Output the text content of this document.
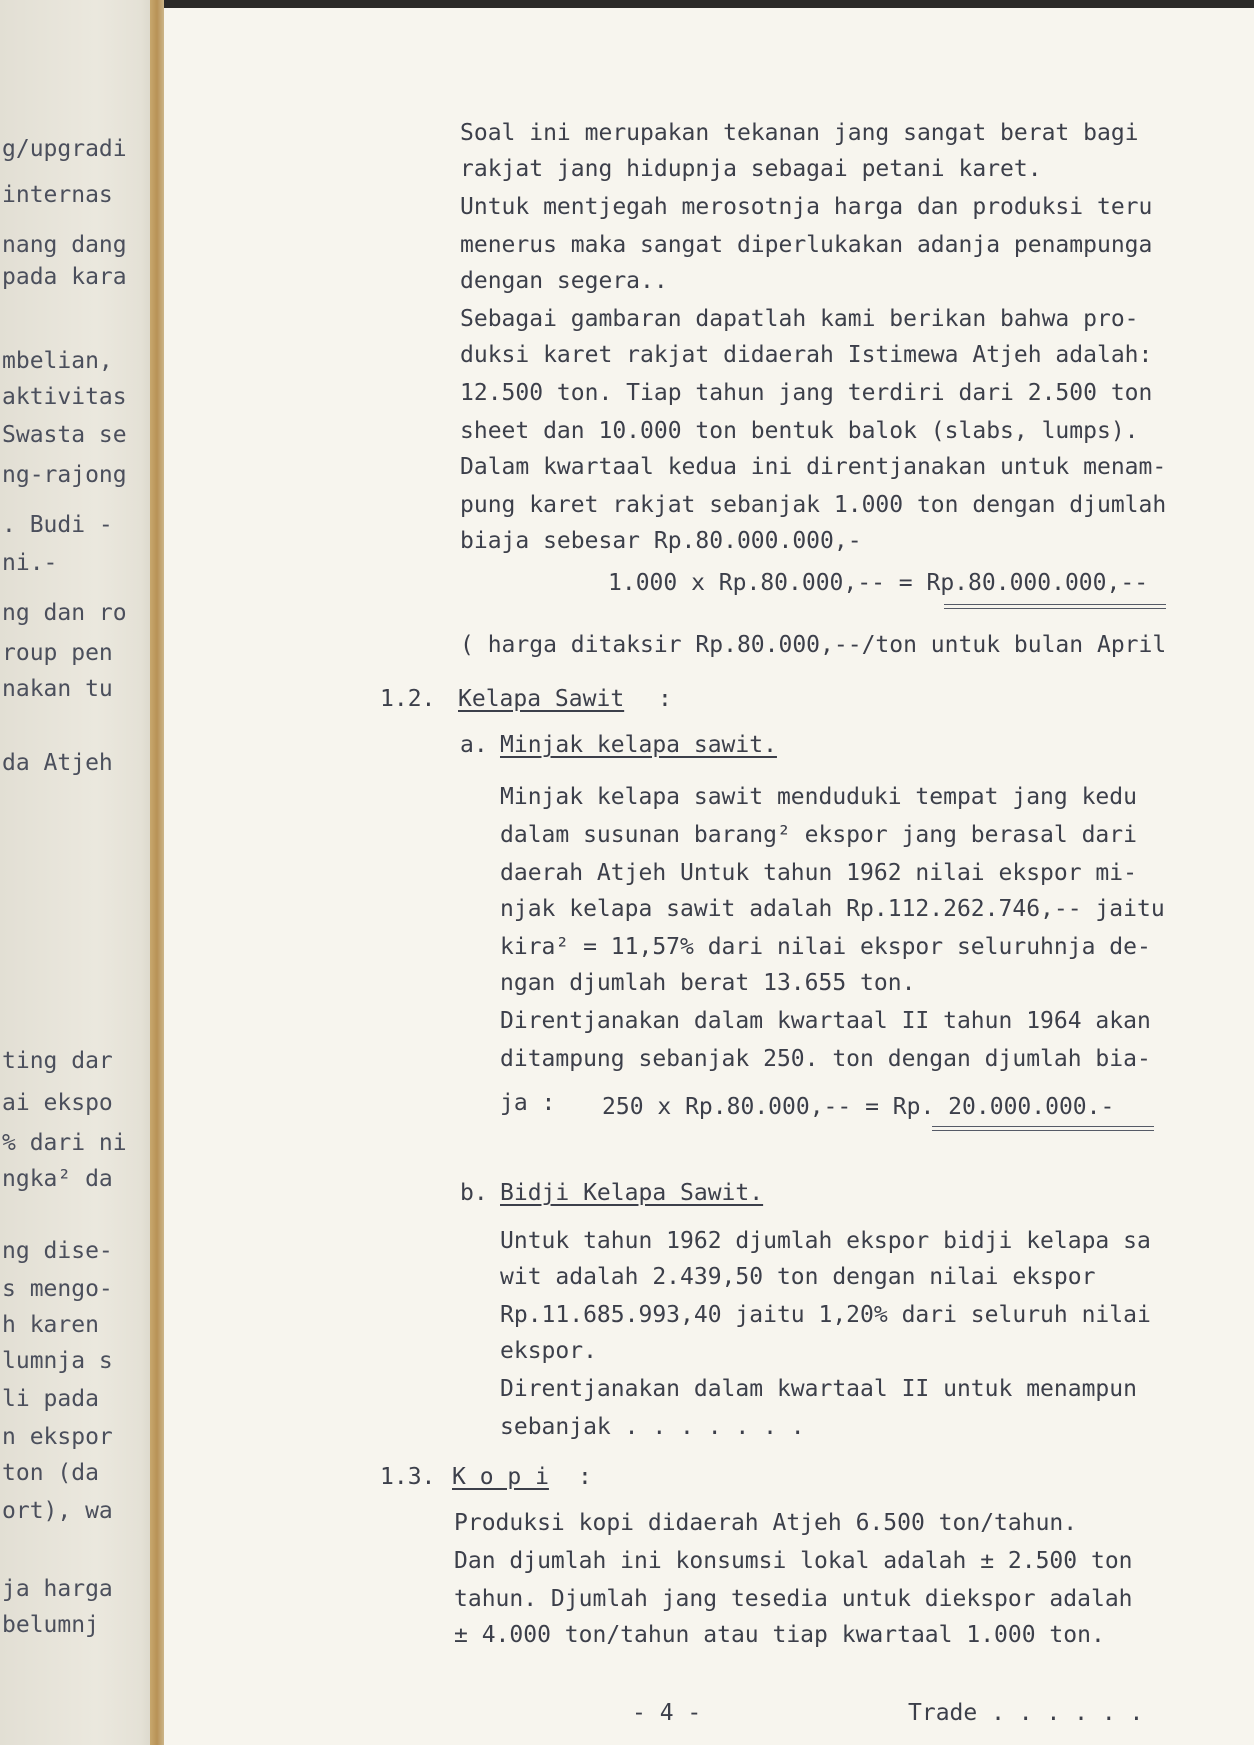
g/upgradi
internas
nang dang
pada kara
mbelian,
aktivitas
Swasta se
ng-rajong
. Budi -
ni.-
ng dan ro
roup pen
nakan tu
da Atjeh
ting dar
ai ekspo
% dari ni
ngka² da
ng dise-
s mengo-
h karen
lumnja s
li pada
n ekspor
ton (da
ort), wa
ja harga
belumnj
Soal ini merupakan tekanan jang sangat berat bagi
rakjat jang hidupnja sebagai petani karet.
Untuk mentjegah merosotnja harga dan produksi teru
menerus maka sangat diperlukakan adanja penampunga
dengan segera..
Sebagai gambaran dapatlah kami berikan bahwa pro-
duksi karet rakjat didaerah Istimewa Atjeh adalah:
12.500 ton. Tiap tahun jang terdiri dari 2.500 ton
sheet dan 10.000 ton bentuk balok (slabs, lumps).
Dalam kwartaal kedua ini direntjanakan untuk menam-
pung karet rakjat sebanjak 1.000 ton dengan djumlah
biaja sebesar Rp.80.000.000,-
1.000 x Rp.80.000,-- = Rp.80.000.000,--
( harga ditaksir Rp.80.000,--/ton untuk bulan April
1.2. Kelapa Sawit :
a. Minjak kelapa sawit.
Minjak kelapa sawit menduduki tempat jang kedu
dalam susunan barang² ekspor jang berasal dari
daerah Atjeh Untuk tahun 1962 nilai ekspor mi-
njak kelapa sawit adalah Rp.112.262.746,-- jaitu
kira² = 11,57% dari nilai ekspor seluruhnja de-
ngan djumlah berat 13.655 ton.
Direntjanakan dalam kwartaal II tahun 1964 akan
ditampung sebanjak 250. ton dengan djumlah bia-
ja : 250 x Rp.80.000,-- = Rp. 20.000.000.-
b. Bidji Kelapa Sawit.
Untuk tahun 1962 djumlah ekspor bidji kelapa sa
wit adalah 2.439,50 ton dengan nilai ekspor
Rp.11.685.993,40 jaitu 1,20% dari seluruh nilai
ekspor.
Direntjanakan dalam kwartaal II untuk menampun
sebanjak . . . . . . .
1.3. K o p i :
Produksi kopi didaerah Atjeh 6.500 ton/tahun.
Dan djumlah ini konsumsi lokal adalah ± 2.500 ton
tahun. Djumlah jang tesedia untuk diekspor adalah
± 4.000 ton/tahun atau tiap kwartaal 1.000 ton.
- 4 -	Trade . . . . . .
